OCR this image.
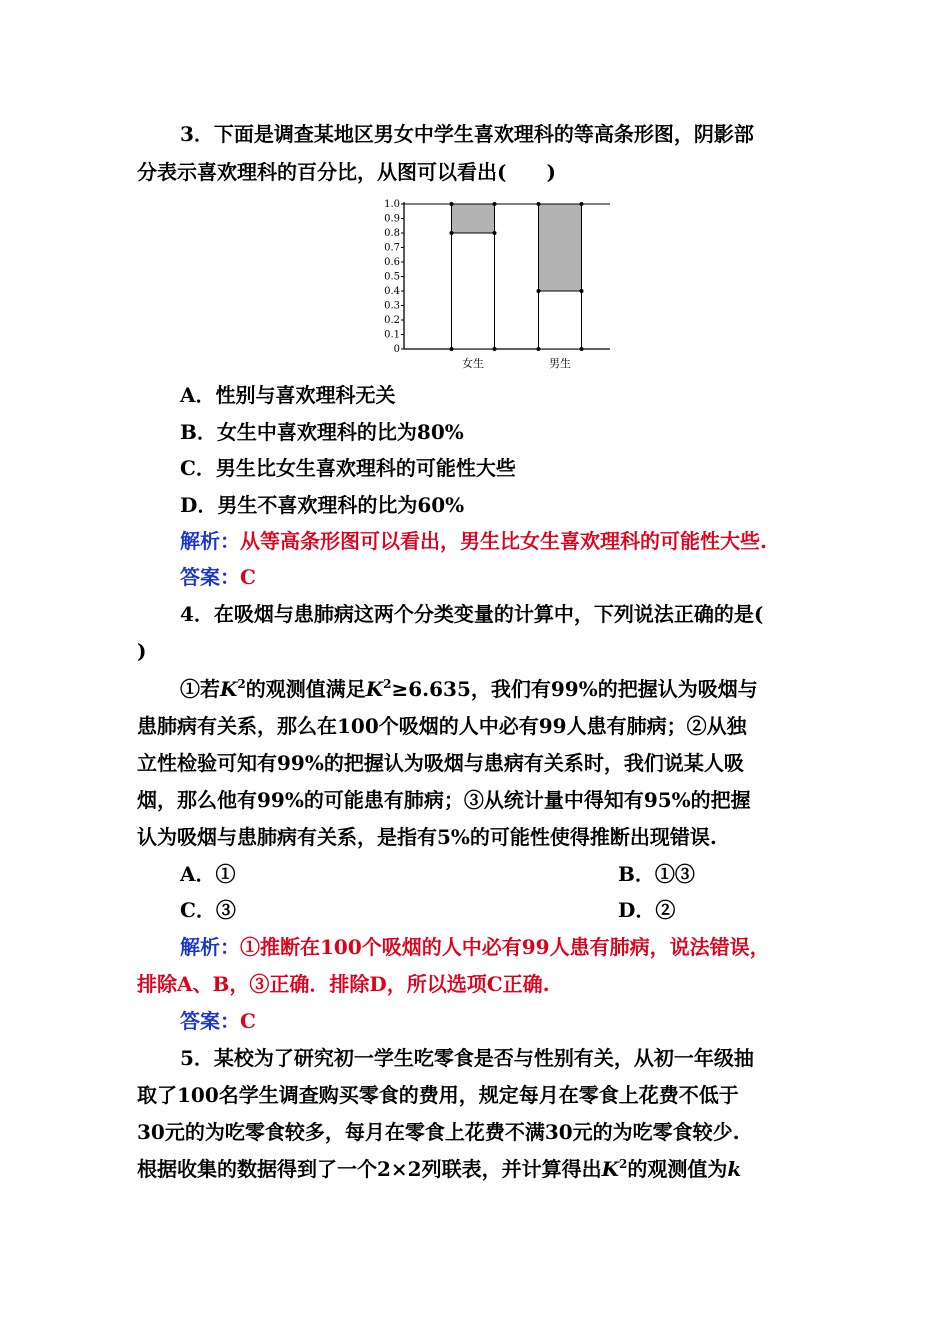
3．下面是调查某地区男女中学生喜欢理科的等高条形图，阴影部
分表示喜欢理科的百分比，从图可以看出(　　)
0
0.1
0.2
0.3
0.4
0.5
0.6
0.7
0.8
0.9
1.0
女生	男生
A．性别与喜欢理科无关
B．女生中喜欢理科的比为80%
C．男生比女生喜欢理科的可能性大些
D．男生不喜欢理科的比为60%
解析：从等高条形图可以看出，男生比女生喜欢理科的可能性大些.
答案：C
4．在吸烟与患肺病这两个分类变量的计算中，下列说法正确的是(
)
①若$K^2$的观测值满足$K^2\ge 6.635$，我们有99%的把握认为吸烟与
患肺病有关系，那么在100个吸烟的人中必有99人患有肺病；②从独
立性检验可知有99%的把握认为吸烟与患病有关系时，我们说某人吸
烟，那么他有99%的可能患有肺病；③从统计量中得知有95%的把握
认为吸烟与患肺病有关系，是指有5%的可能性使得推断出现错误.
A．①	B．①③
C．③	D．②
解析：①推断在100个吸烟的人中必有99人患有肺病，说法错误，
排除A、B，③正确．排除D，所以选项C正确.
答案：C
5．某校为了研究初一学生吃零食是否与性别有关，从初一年级抽
取了100名学生调查购买零食的费用，规定每月在零食上花费不低于
30元的为吃零食较多，每月在零食上花费不满30元的为吃零食较少.
根据收集的数据得到了一个2×2列联表，并计算得出$K^2$的观测值为k
